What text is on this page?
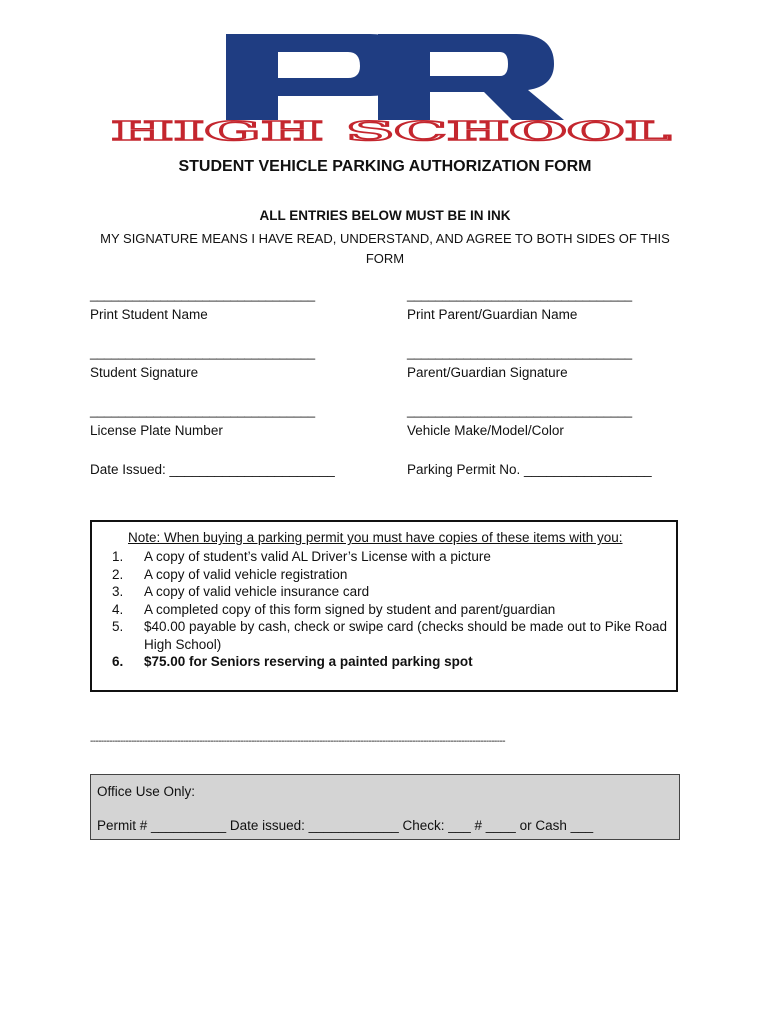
HIGH SCHOOL
STUDENT VEHICLE PARKING AUTHORIZATION FORM
ALL ENTRIES BELOW MUST BE IN INK
MY SIGNATURE MEANS I HAVE READ, UNDERSTAND, AND AGREE TO BOTH SIDES OF THIS FORM
________________________________
Print Student Name
________________________________
Print Parent/Guardian Name
________________________________
Student Signature
________________________________
Parent/Guardian Signature
________________________________
License Plate Number
________________________________
Vehicle Make/Model/Color
Date Issued: ______________________	Parking Permit No. _________________
Note: When buying a parking permit you must have copies of these items with you:
1.	A copy of student’s valid AL Driver’s License with a picture
2.	A copy of valid vehicle registration
3.	A copy of valid vehicle insurance card
4.	A completed copy of this form signed by student and parent/guardian
5.	$40.00 payable by cash, check or swipe card (checks should be made out to Pike Road High School)
6.	$75.00 for Seniors reserving a painted parking spot
--------------------------------------------------------------------------------------------------------------------------------------------------------
Office Use Only:
Permit # __________ Date issued: ____________ Check: ___ # ____ or Cash ___
